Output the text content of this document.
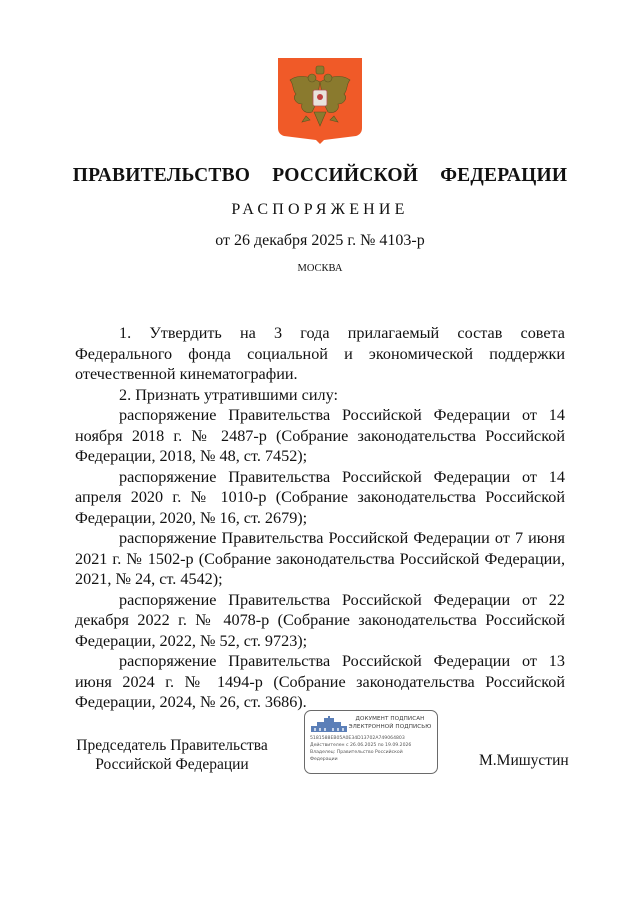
ПРАВИТЕЛЬСТВО  РОССИЙСКОЙ  ФЕДЕРАЦИИ
РАСПОРЯЖЕНИЕ
от 26 декабря 2025 г. № 4103-р
МОСКВА

1. Утвердить на 3 года прилагаемый состав совета Федерального фонда социальной и экономической поддержки отечественной кинематографии.

2. Признать утратившими силу:

распоряжение Правительства Российской Федерации от 14 ноября 2018 г. № 2487-р (Собрание законодательства Российской Федерации, 2018, № 48, ст. 7452);

распоряжение Правительства Российской Федерации от 14 апреля 2020 г. № 1010-р (Собрание законодательства Российской Федерации, 2020, № 16, ст. 2679);

распоряжение Правительства Российской Федерации от 7 июня 2021 г. № 1502-р (Собрание законодательства Российской Федерации, 2021, № 24, ст. 4542);

распоряжение Правительства Российской Федерации от 22 декабря 2022 г. № 4078-р (Собрание законодательства Российской Федерации, 2022, № 52, ст. 9723);

распоряжение Правительства Российской Федерации от 13 июня 2024 г. № 1494-р (Собрание законодательства Российской Федерации, 2024, № 26, ст. 3686).

Председатель Правительства
Российской Федерации
ДОКУМЕНТ ПОДПИСАН
ЭЛЕКТРОННОЙ ПОДПИСЬЮ
5181588EB05A0E34D13702A749064803
Действителен с 26.06.2025 по 19.09.2026
Владелец: Правительство Российской
Федерации	М.Мишустин
